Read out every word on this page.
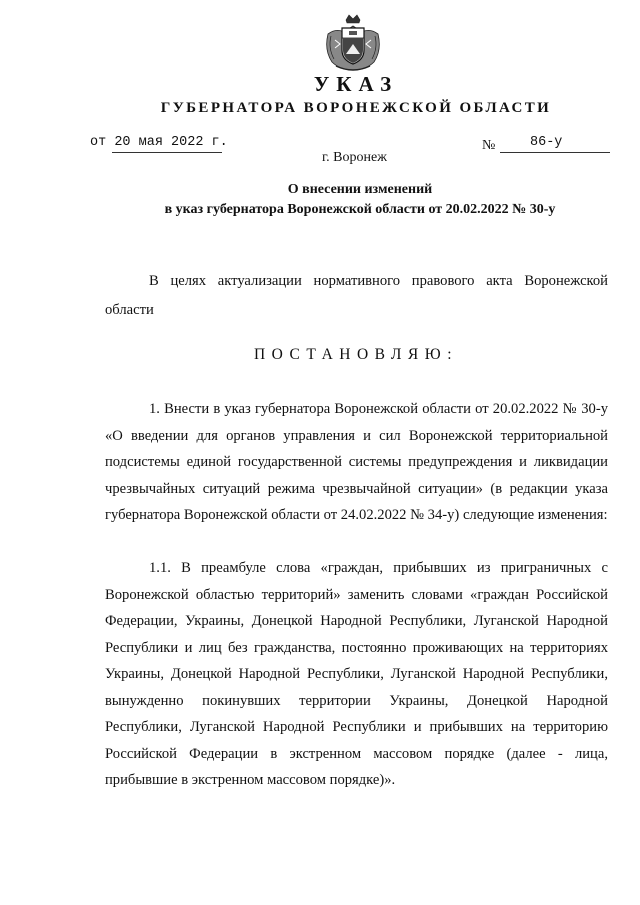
УКАЗ
ГУБЕРНАТОРА ВОРОНЕЖСКОЙ ОБЛАСТИ
от 20 мая 2022 г.	№	86-у
г. Воронеж
О внесении изменений
в указ губернатора Воронежской области от 20.02.2022 № 30-у
В целях актуализации нормативного правового акта Воронежской области
ПОСТАНОВЛЯЮ:
1. Внести в указ губернатора Воронежской области от 20.02.2022 № 30-у «О введении для органов управления и сил Воронежской территориальной подсистемы единой государственной системы предупреждения и ликвидации чрезвычайных ситуаций режима чрезвычайной ситуации» (в редакции указа губернатора Воронежской области от 24.02.2022 № 34-у) следующие изменения:
1.1. В преамбуле слова «граждан, прибывших из приграничных с Воронежской областью территорий» заменить словами «граждан Российской Федерации, Украины, Донецкой Народной Республики, Луганской Народной Республики и лиц без гражданства, постоянно проживающих на территориях Украины, Донецкой Народной Республики, Луганской Народной Республики, вынужденно покинувших территории Украины, Донецкой Народной Республики, Луганской Народной Республики и прибывших на территорию Российской Федерации в экстренном массовом порядке (далее - лица, прибывшие в экстренном массовом порядке)».
